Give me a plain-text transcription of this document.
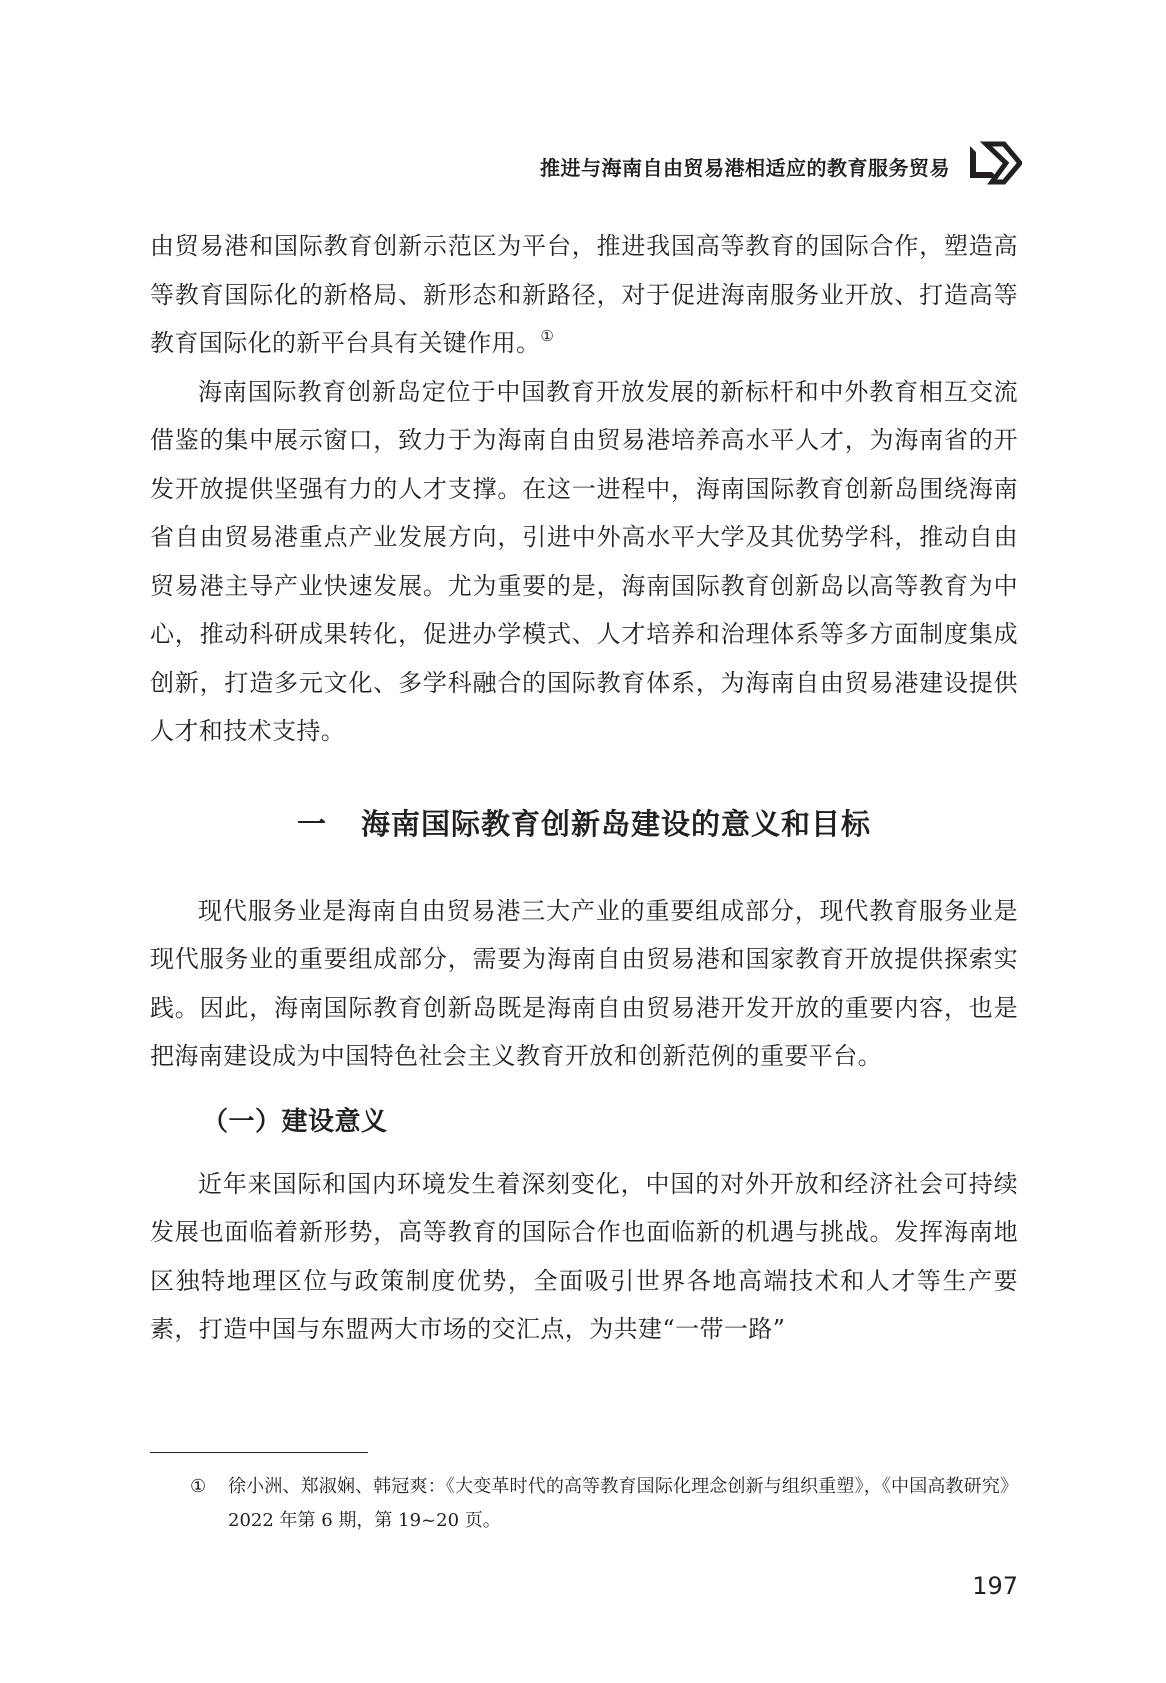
推进与海南自由贸易港相适应的教育服务贸易

由贸易港和国际教育创新示范区为平台，推进我国高等教育的国际合作，塑造高等教育国际化的新格局、新形态和新路径，对于促进海南服务业开放、打造高等教育国际化的新平台具有关键作用。①

海南国际教育创新岛定位于中国教育开放发展的新标杆和中外教育相互交流借鉴的集中展示窗口，致力于为海南自由贸易港培养高水平人才，为海南省的开发开放提供坚强有力的人才支撑。在这一进程中，海南国际教育创新岛围绕海南省自由贸易港重点产业发展方向，引进中外高水平大学及其优势学科，推动自由贸易港主导产业快速发展。尤为重要的是，海南国际教育创新岛以高等教育为中心，推动科研成果转化，促进办学模式、人才培养和治理体系等多方面制度集成创新，打造多元文化、多学科融合的国际教育体系，为海南自由贸易港建设提供人才和技术支持。

一 海南国际教育创新岛建设的意义和目标

现代服务业是海南自由贸易港三大产业的重要组成部分，现代教育服务业是现代服务业的重要组成部分，需要为海南自由贸易港和国家教育开放提供探索实践。因此，海南国际教育创新岛既是海南自由贸易港开发开放的重要内容，也是把海南建设成为中国特色社会主义教育开放和创新范例的重要平台。

（一）建设意义

近年来国际和国内环境发生着深刻变化，中国的对外开放和经济社会可持续发展也面临着新形势，高等教育的国际合作也面临新的机遇与挑战。发挥海南地区独特地理区位与政策制度优势，全面吸引世界各地高端技术和人才等生产要素，打造中国与东盟两大市场的交汇点，为共建“一带一路”

① 徐小洲、郑淑娴、韩冠爽：《大变革时代的高等教育国际化理念创新与组织重塑》，《中国高教研究》2022 年第 6 期，第 19~20 页。
197
